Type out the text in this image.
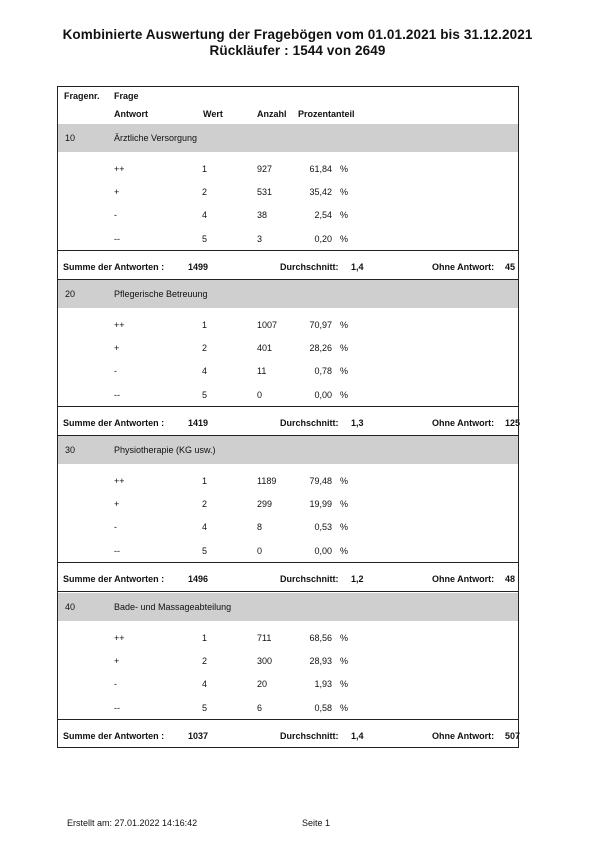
Kombinierte Auswertung der Fragebögen vom 01.01.2021 bis 31.12.2021
Rückläufer : 1544 von 2649
Fragenr. Frage
Antwort	Wert	Anzahl Prozentanteil
10	Ärztliche Versorgung
++	1	927	61,84 %
+	2	531	35,42 %
-	4	38	2,54 %
--	5	3	0,20 %
Summe der Antworten :	1499	Durchschnitt: 1,4	Ohne Antwort: 45
20	Pflegerische Betreuung
++	1	1007	70,97 %
+	2	401	28,26 %
-	4	11	0,78 %
--	5	0	0,00 %
Summe der Antworten :	1419	Durchschnitt: 1,3	Ohne Antwort: 125
30	Physiotherapie (KG usw.)
++	1	1189	79,48 %
+	2	299	19,99 %
-	4	8	0,53 %
--	5	0	0,00 %
Summe der Antworten :	1496	Durchschnitt: 1,2	Ohne Antwort: 48
40	Bade- und Massageabteilung
++	1	711	68,56 %
+	2	300	28,93 %
-	4	20	1,93 %
--	5	6	0,58 %
Summe der Antworten :	1037	Durchschnitt: 1,4	Ohne Antwort: 507
Erstellt am: 27.01.2022 14:16:42	Seite 1
